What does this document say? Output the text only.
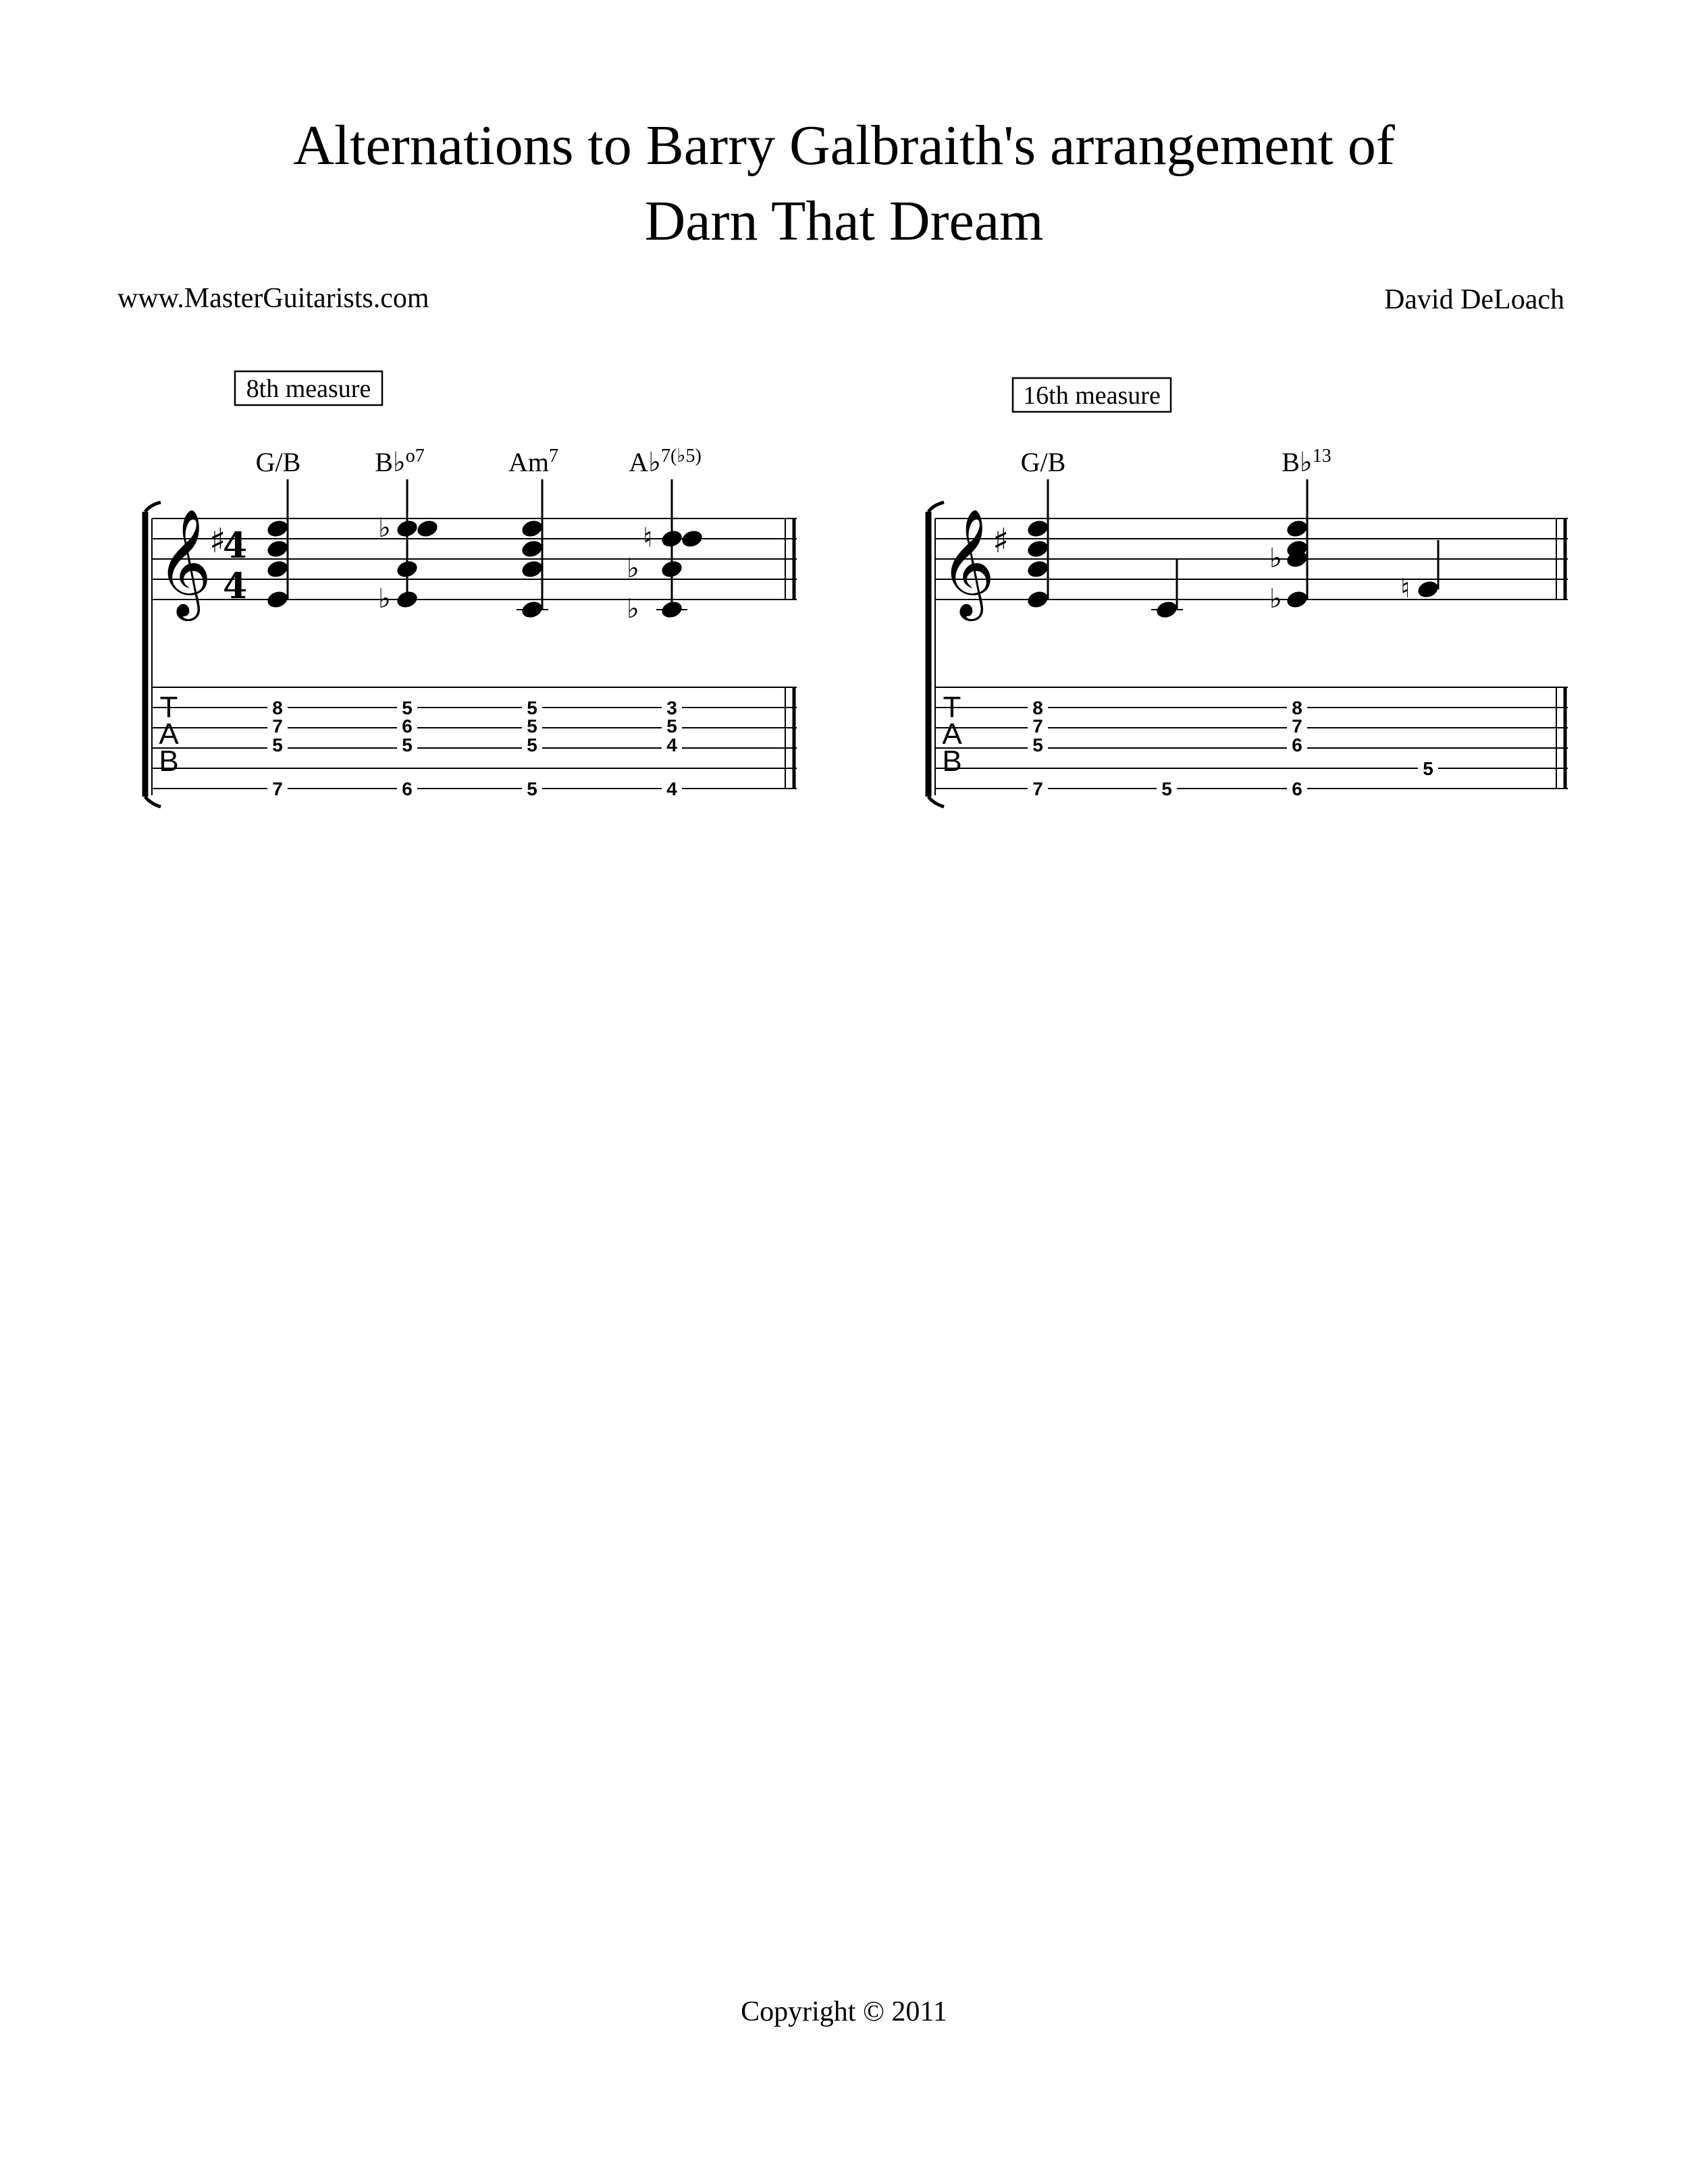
Alternations to Barry Galbraith's arrangement of
Darn That Dream
www.MasterGuitarists.com	David DeLoach
8th measure
G/B	B♭$^{o7}$	Am$^7$	A♭$^{7(♭5)}$
𝄞
♯
4
4
♭
♭
♮
♭
♭
T
A
B
8
7
5
7
5
6
5
6
5
5
5
5
3
5
4
4
16th measure
G/B	B♭$^{13}$
𝄞
♯	♭
♭	♮
T
A
B
8
7
5
7	5
8
7
6
6
5
Copyright © 2011
